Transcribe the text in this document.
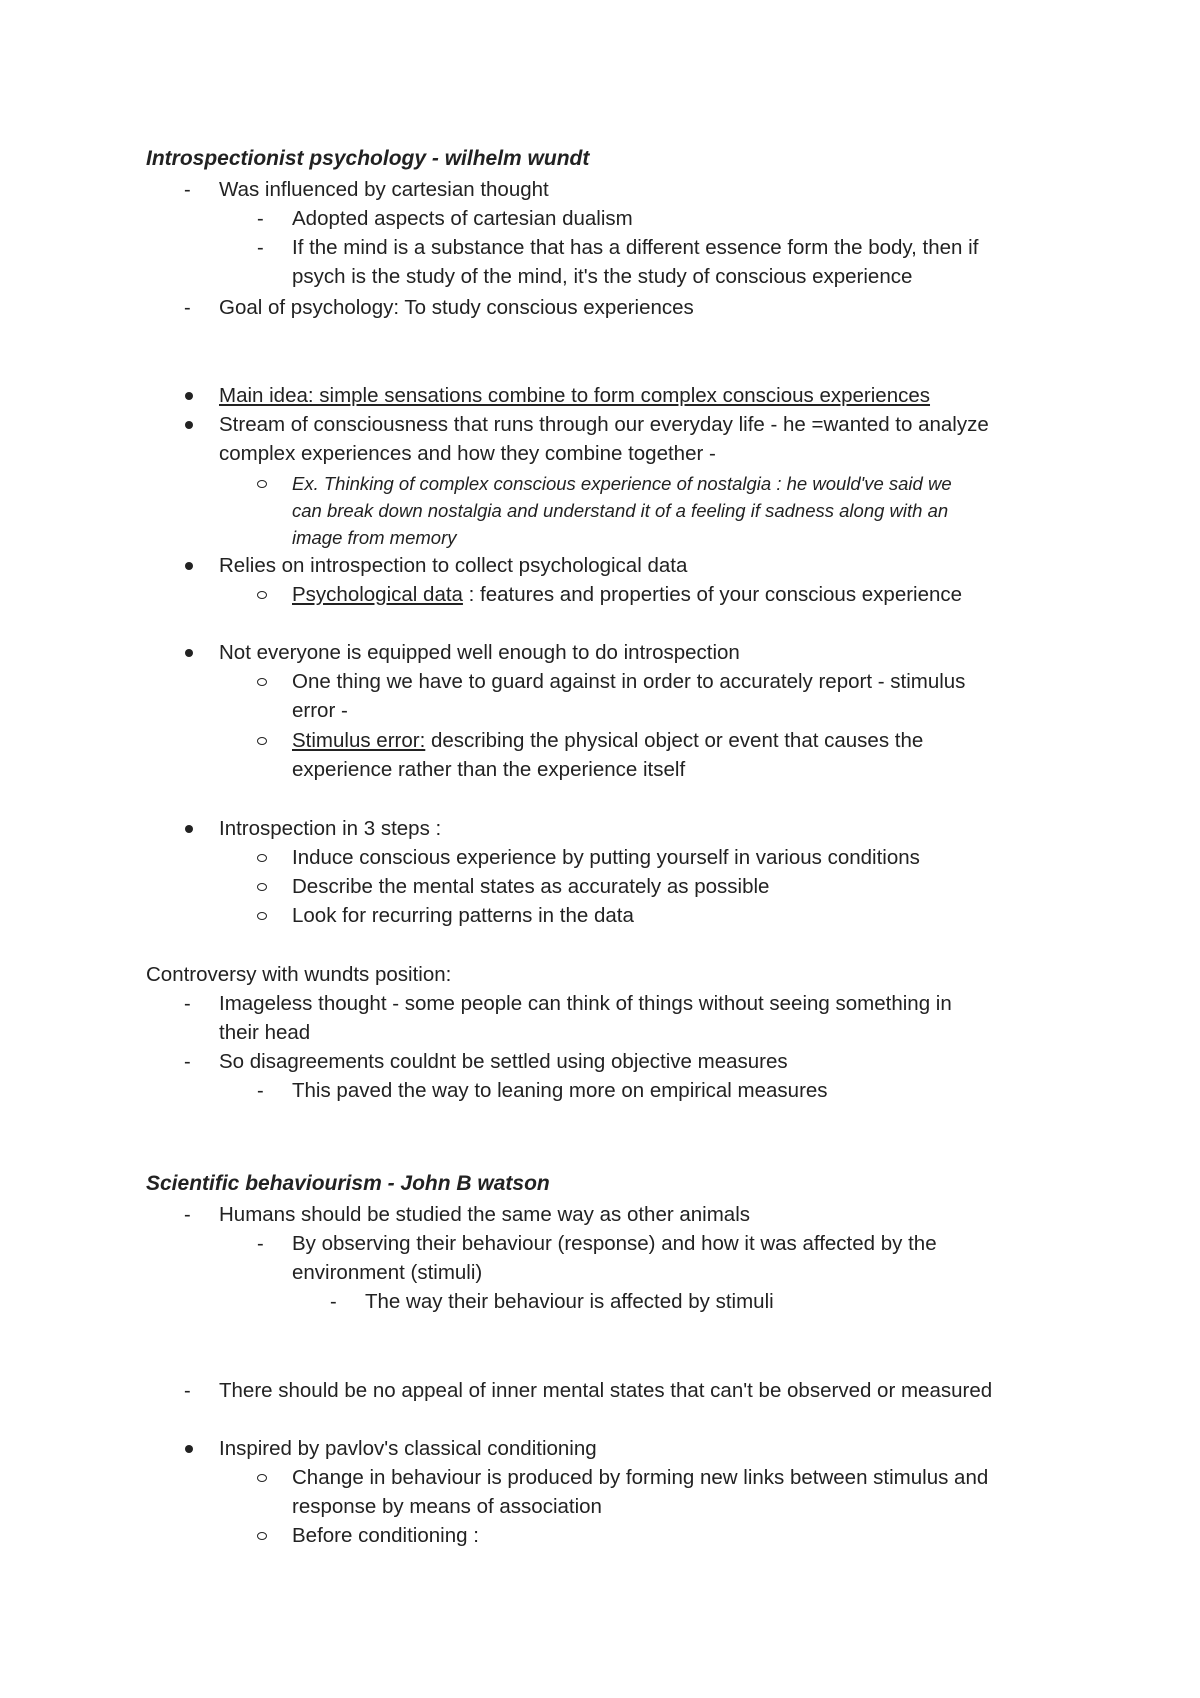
Introspectionist psychology - wilhelm wundt
- Was influenced by cartesian thought
- Adopted aspects of cartesian dualism
- If the mind is a substance that has a different essence form the body, then if
psych is the study of the mind, it's the study of conscious experience
- Goal of psychology: To study conscious experiences
Main idea: simple sensations combine to form complex conscious experiences
Stream of consciousness that runs through our everyday life - he =wanted to analyze
complex experiences and how they combine together -
Ex. Thinking of complex conscious experience of nostalgia : he would've said we
can break down nostalgia and understand it of a feeling if sadness along with an
image from memory
Relies on introspection to collect psychological data
Psychological data : features and properties of your conscious experience
Not everyone is equipped well enough to do introspection
One thing we have to guard against in order to accurately report - stimulus
error -
Stimulus error: describing the physical object or event that causes the
experience rather than the experience itself
Introspection in 3 steps :
Induce conscious experience by putting yourself in various conditions
Describe the mental states as accurately as possible
Look for recurring patterns in the data
Controversy with wundts position:
- Imageless thought - some people can think of things without seeing something in
their head
- So disagreements couldnt be settled using objective measures
- This paved the way to leaning more on empirical measures
Scientific behaviourism - John B watson
- Humans should be studied the same way as other animals
- By observing their behaviour (response) and how it was affected by the
environment (stimuli)
- The way their behaviour is affected by stimuli
- There should be no appeal of inner mental states that can't be observed or measured
Inspired by pavlov's classical conditioning
Change in behaviour is produced by forming new links between stimulus and
response by means of association
Before conditioning :
